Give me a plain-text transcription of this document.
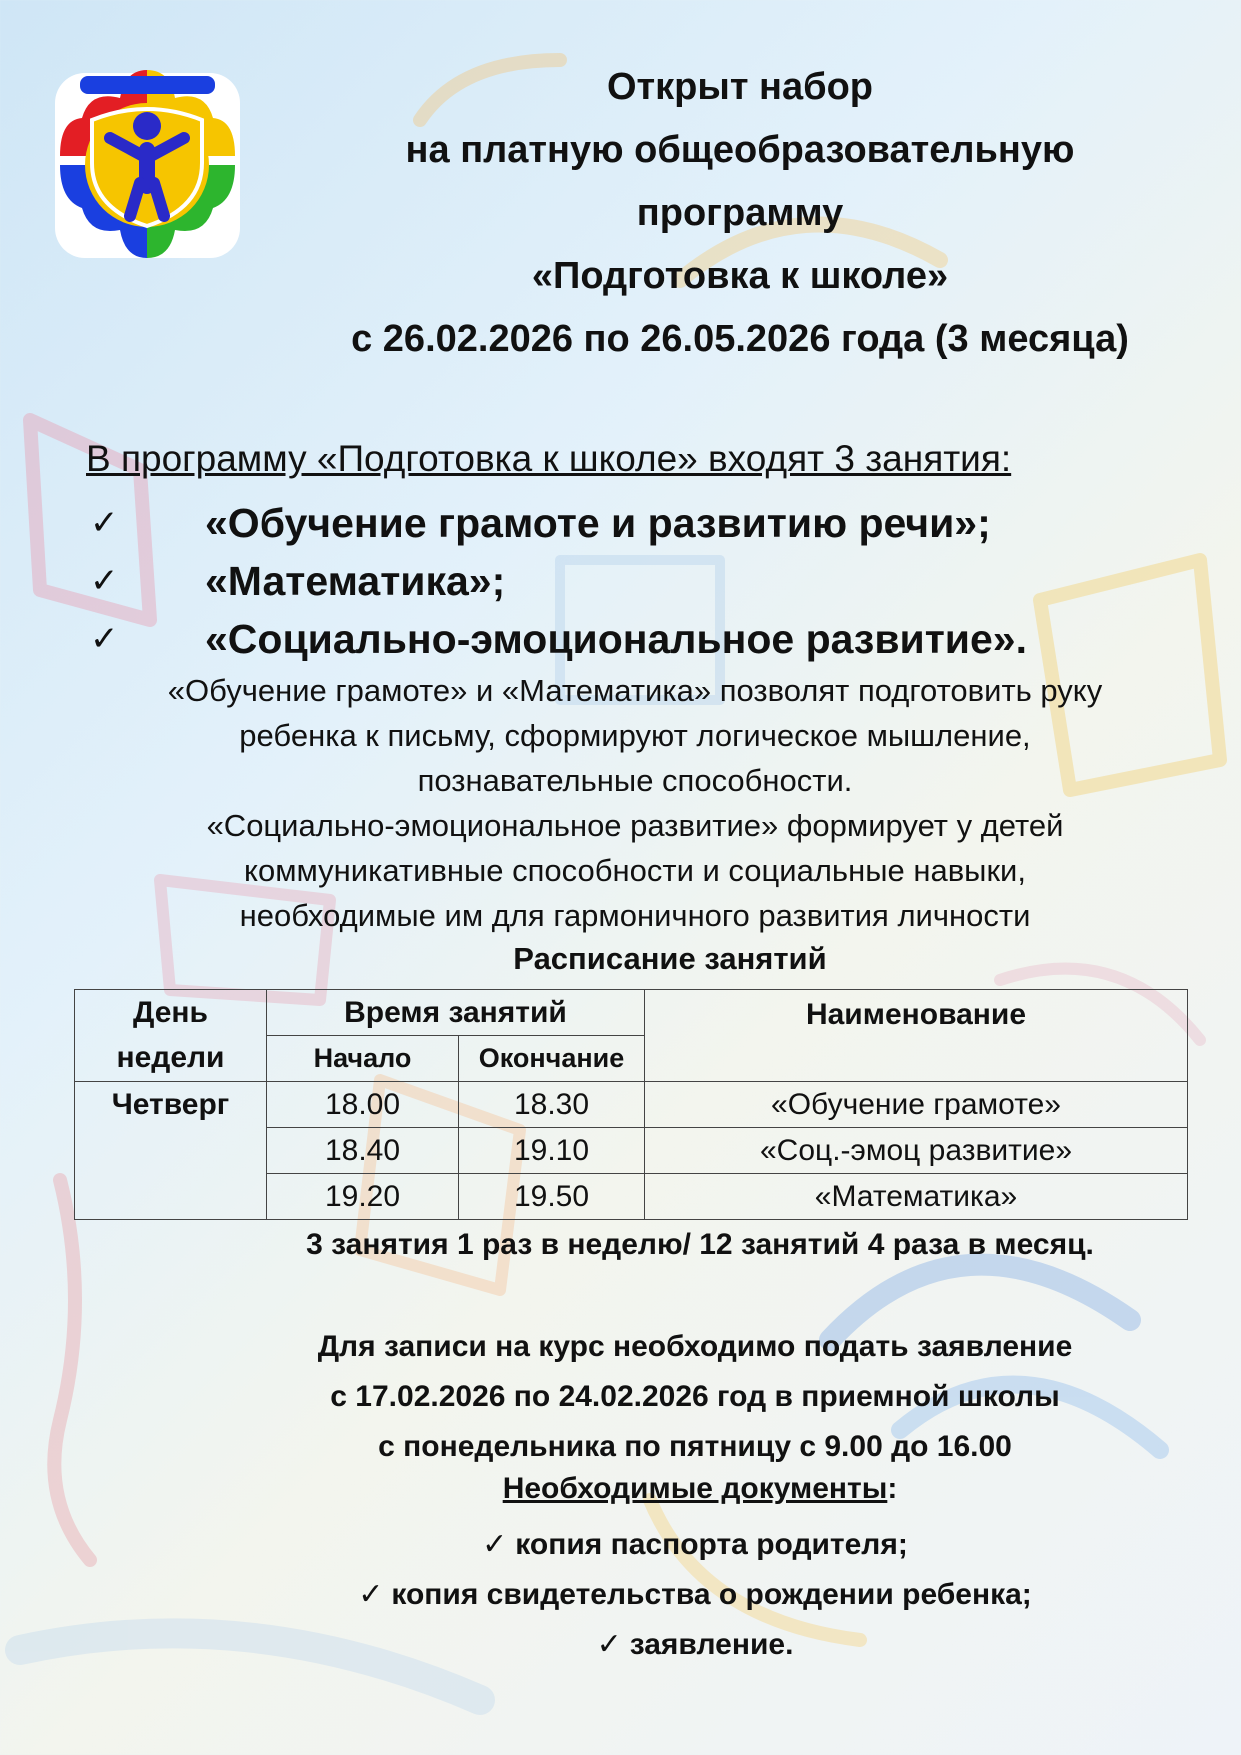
Открыт набор
на платную общеобразовательную
программу
«Подготовка к школе»
с 26.02.2026 по 26.05.2026 года (3 месяца)
В программу «Подготовка к школе» входят 3 занятия:
✓ «Обучение грамоте и развитию речи»;
✓ «Математика»;
✓ «Социально-эмоциональное развитие».
«Обучение грамоте» и «Математика» позволят подготовить руку
ребенка к письму, сформируют логическое мышление,
познавательные способности.
«Социально-эмоциональное развитие» формирует у детей
коммуникативные способности и социальные навыки,
необходимые им для гармоничного развития личности
Расписание занятий
День
недели	Время занятий		Наименование
	Начало	Окончание	
Четверг	18.00	18.30	«Обучение грамоте»
	18.40	19.10	«Соц.-эмоц развитие»
	19.20	19.50	«Математика»
3 занятия 1 раз в неделю/ 12 занятий 4 раза в месяц.
Для записи на курс необходимо подать заявление
с 17.02.2026 по 24.02.2026 год в приемной школы
с понедельника по пятницу с 9.00 до 16.00
Необходимые документы:
✓ копия паспорта родителя;
✓ копия свидетельства о рождении ребенка;
✓ заявление.
